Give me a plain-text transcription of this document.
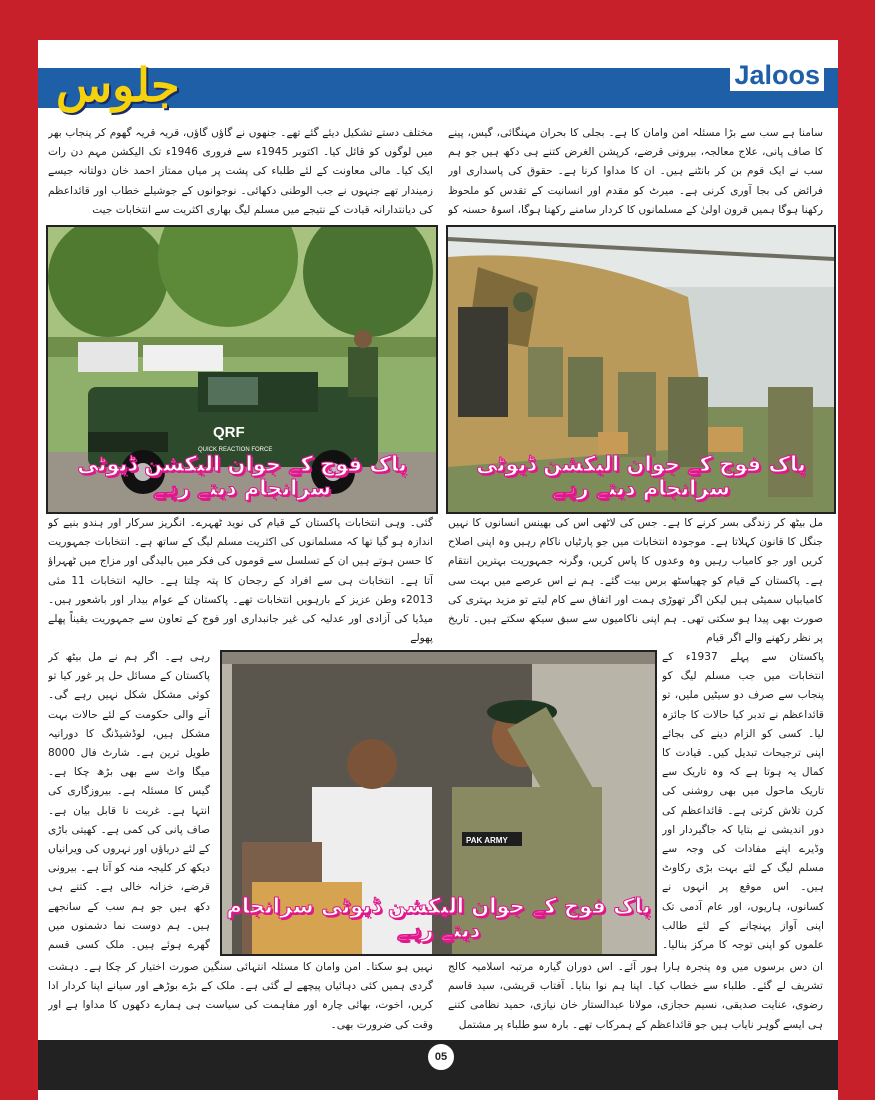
جلوس	Jaloos

سامنا ہے سب سے بڑا مسئلہ امن وامان کا ہے۔ بجلی کا بحران مہنگائی، گیس، پینے کا صاف پانی، علاج معالجہ، بیرونی قرضے، کرپشن الغرض کتنے ہی دکھ ہیں جو ہم سب نے ایک قوم بن کر بانٹنے ہیں۔ ان کا مداوا کرنا ہے۔ حقوق کی پاسداری اور فرائض کی بجا آوری کرنی ہے۔ میرٹ کو مقدم اور انسانیت کے تقدس کو ملحوظ رکھنا ہوگا ہمیں قرون اولیٰ کے مسلمانوں کا کردار سامنے رکھنا ہوگا، اسوۂ حسنہ کو

مختلف دستے تشکیل دیئے گئے تھے۔ جنھوں نے گاؤں گاؤں، قریہ قریہ گھوم کر پنجاب بھر میں لوگوں کو قائل کیا۔ اکتوبر 1945ء سے فروری 1946ء تک الیکشن مہم دن رات ایک کیا۔ مالی معاونت کے لئے طلباء کی پشت پر میاں ممتاز احمد خان دولتانہ جیسے زمیندار تھے جنہوں نے جب الوطنی دکھائی۔ نوجوانوں کے جوشیلے خطاب اور قائداعظم کی دیانتدارانہ قیادت کے نتیجے میں مسلم لیگ بھاری اکثریت سے انتخابات جیت

QRF
QUICK REACTION FORCE
پاک فوج کے جوان الیکشن ڈیوٹی سرانجام دیتے رہے
پاک فوج کے جوان الیکشن ڈیوٹی سرانجام دیتے رہے

مل بیٹھ کر زندگی بسر کرنے کا ہے۔ جس کی لاٹھی اس کی بھینس انسانوں کا نہیں جنگل کا قانون کہلاتا ہے۔ موجودہ انتخابات میں جو پارٹیاں ناکام رہیں وہ اپنی اصلاح کریں اور جو کامیاب رہیں وہ وعدوں کا پاس کریں، وگرنہ جمہوریت بہترین انتقام ہے۔ پاکستان کے قیام کو چھیاسٹھ برس بیت گئے۔ ہم نے اس عرصے میں بہت سی کامیابیاں سمیٹی ہیں لیکن اگر تھوڑی ہمت اور اتفاق سے کام لیتے تو مزید بہتری کی صورت بھی پیدا ہو سکتی تھی۔ ہم اپنی ناکامیوں سے سبق سیکھ سکتے ہیں۔ تاریخ پر نظر رکھنے والے اگر قیام

گئی۔ وہی انتخابات پاکستان کے قیام کی نوید ٹھہرے۔ انگریز سرکار اور ہندو بنیے کو اندازہ ہو گیا تھا کہ مسلمانوں کی اکثریت مسلم لیگ کے ساتھ ہے۔ انتخابات جمہوریت کا حسن ہوتے ہیں ان کے تسلسل سے قوموں کی فکر میں بالیدگی اور مزاج میں ٹھہراؤ آتا ہے۔ انتخابات ہی سے افراد کے رجحان کا پتہ چلتا ہے۔ حالیہ انتخابات 11 مئی 2013ء وطن عزیز کے بارہویں انتخابات تھے۔ پاکستان کے عوام بیدار اور باشعور ہیں۔ میڈیا کی آزادی اور عدلیہ کی غیر جانبداری اور فوج کے تعاون سے جمہوریت یقیناً پھلے پھولے

PAK ARMY
پاک فوج کے جوان الیکشن ڈیوٹی سرانجام دیتے رہے

پاکستان سے پہلے 1937ء کے انتخابات میں جب مسلم لیگ کو پنجاب سے صرف دو سیٹیں ملیں، تو قائداعظم نے تدبر کیا حالات کا جائزہ لیا۔ کسی کو الزام دینے کی بجائے اپنی ترجیحات تبدیل کیں۔ قیادت کا کمال یہ ہوتا ہے کہ وہ تاریک سے تاریک ماحول میں بھی روشنی کی کرن تلاش کرتی ہے۔ قائداعظم کی دور اندیشی نے بتایا کہ جاگیردار اور وڈیرے اپنے مفادات کی وجہ سے مسلم لیگ کے لئے بہت بڑی رکاوٹ ہیں۔ اس موقع پر انہوں نے کسانوں، ہاریوں، اور عام آدمی تک اپنی آواز پہنچانے کے لئے طالب علموں کو اپنی توجہ کا مرکز بنالیا۔

رہی ہے۔ اگر ہم نے مل بیٹھ کر پاکستان کے مسائل حل پر غور کیا تو کوئی مشکل شکل نہیں رہے گی۔ آنے والی حکومت کے لئے حالات بہت مشکل ہیں، لوڈشیڈنگ کا دورانیہ طویل ترین ہے۔ شارٹ فال 8000 میگا واٹ سے بھی بڑھ چکا ہے۔ گیس کا مسئلہ ہے۔ بیروزگاری کی انتہا ہے۔ غربت نا قابل بیان ہے۔ صاف پانی کی کمی ہے۔ کھیتی باڑی کے لئے دریاؤں اور نہروں کی ویرانیاں دیکھ کر کلیجہ منہ کو آتا ہے۔ بیرونی قرضے، خزانہ خالی ہے۔ کتنے ہی دکھ ہیں جو ہم سب کے سانجھے ہیں۔ ہم دوست نما دشمنوں میں گھرے ہوئے ہیں۔ ملک کسی قسم

ان دس برسوں میں وہ پنجرہ ہارا ہور آئے۔ اس دوران گیارہ مرتبہ اسلامیہ کالج تشریف لے گئے۔ طلباء سے خطاب کیا۔ اپنا ہم نوا بنایا۔ آفتاب قریشی، سید قاسم رضوی، عنایت صدیقی، نسیم حجازی، مولانا عبدالستار خان نیازی، حمید نظامی کتنے ہی ایسے گوہر نایاب ہیں جو قائداعظم کے ہمرکاب تھے۔ بارہ سو طلباء پر مشتمل

نہیں ہو سکتا۔ امن وامان کا مسئلہ انتہائی سنگین صورت اختیار کر چکا ہے۔ دہشت گردی ہمیں کئی دہائیاں پیچھے لے گئی ہے۔ ملک کے بڑے بوڑھے اور سیانے اپنا کردار ادا کریں، اخوت، بھائی چارہ اور مفاہمت کی سیاست ہی ہمارے دکھوں کا مداوا ہے اور وقت کی ضرورت بھی۔

05
